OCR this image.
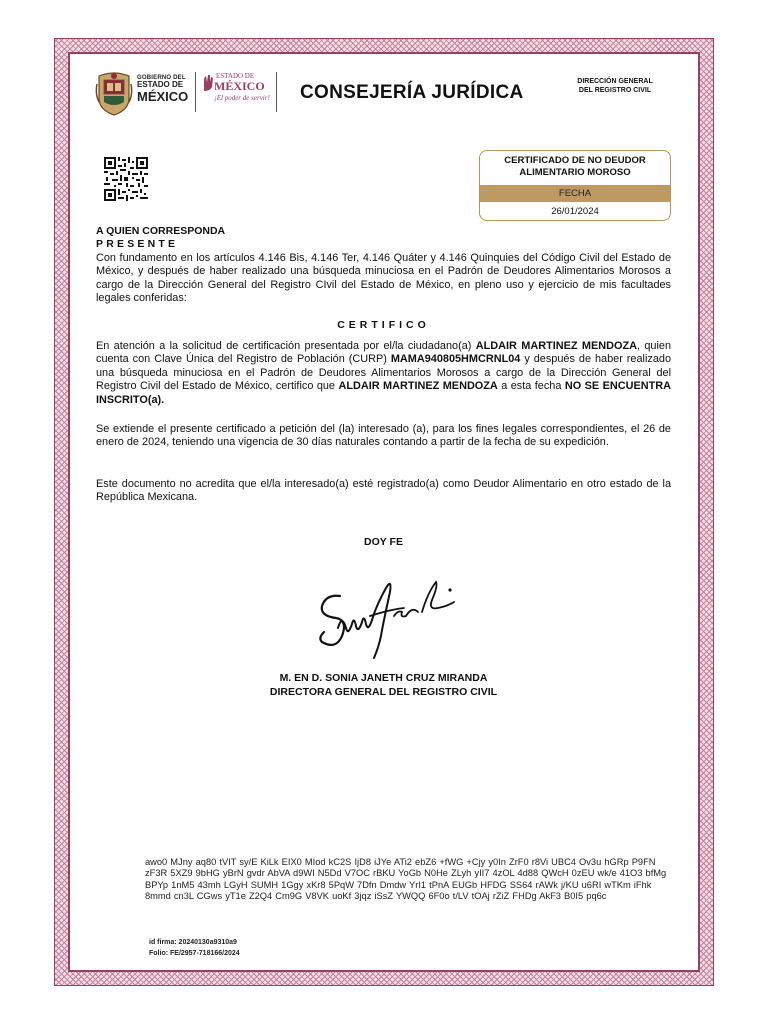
GOBIERNO DEL
ESTADO DE
MÉXICO
ESTADO DE
MÉXICO
¡El poder de servir! CONSEJERÍA JURÍDICA
DIRECCIÓN GENERAL
DEL REGISTRO CIVIL
CERTIFICADO DE NO DEUDOR
ALIMENTARIO MOROSO
FECHA
26/01/2024
A QUIEN CORRESPONDA
PRESENTE
Con fundamento en los artículos 4.146 Bis, 4.146 Ter, 4.146 Quáter y 4.146 Quinquies del Código Civil del Estado de México, y después de haber realizado una búsqueda minuciosa en el Padrón de Deudores Alimentarios Morosos a cargo de la Dirección General del Registro CIvil del Estado de México, en pleno uso y ejercicio de mis facultades legales conferidas:
CERTIFICO
En atención a la solicitud de certificación presentada por el/la ciudadano(a) ALDAIR MARTINEZ MENDOZA, quien cuenta con Clave Única del Registro de Población (CURP) MAMA940805HMCRNL04 y después de haber realizado una búsqueda minuciosa en el Padrón de Deudores Alimentarios Morosos a cargo de la Dirección General del Registro Civil del Estado de México, certifico que ALDAIR MARTINEZ MENDOZA a esta fecha NO SE ENCUENTRA INSCRITO(a).
Se extiende el presente certificado a petición del (la) interesado (a), para los fines legales correspondientes, el 26 de enero de 2024, teniendo una vigencia de 30 días naturales contando a partir de la fecha de su expedición.
Este documento no acredita que el/la interesado(a) esté registrado(a) como Deudor Alimentario en otro estado de la República Mexicana.
DOY FE
M. EN D. SONIA JANETH CRUZ MIRANDA
DIRECTORA GENERAL DEL REGISTRO CIVIL
awo0 MJny aq80 tVIT sy/E KiLk EIX0 MIod kC2S IjD8 iJYe ATi2 ebZ6 +fWG +Cjy y0In ZrF0 r8Vi UBC4 Ov3u hGRp P9FN zF3R 5XZ9 9bHG yBrN gvdr AbVA d9WI N5Dd V7OC rBKU YoGb N0He ZLyh yII7 4zOL 4d88 QWcH 0zEU wk/e 41O3 bfMg BPYp 1nM5 43mh LGyH SUMH 1Ggy xKr8 5PqW 7Dfn Dmdw YrI1 tPnA EUGb HFDG SS64 rAWk j/KU u6RI wTKm iFhk 8mmd cn3L CGws yT1e Z2Q4 Cm9G V8VK uoKf 3jqz iSsZ YWQQ 6F0o t/LV tOAj rZiZ FHDg AkF3 B0I5 pq6c
id firma: 20240130a9310a9
Folio: FE/2957-718166/2024
